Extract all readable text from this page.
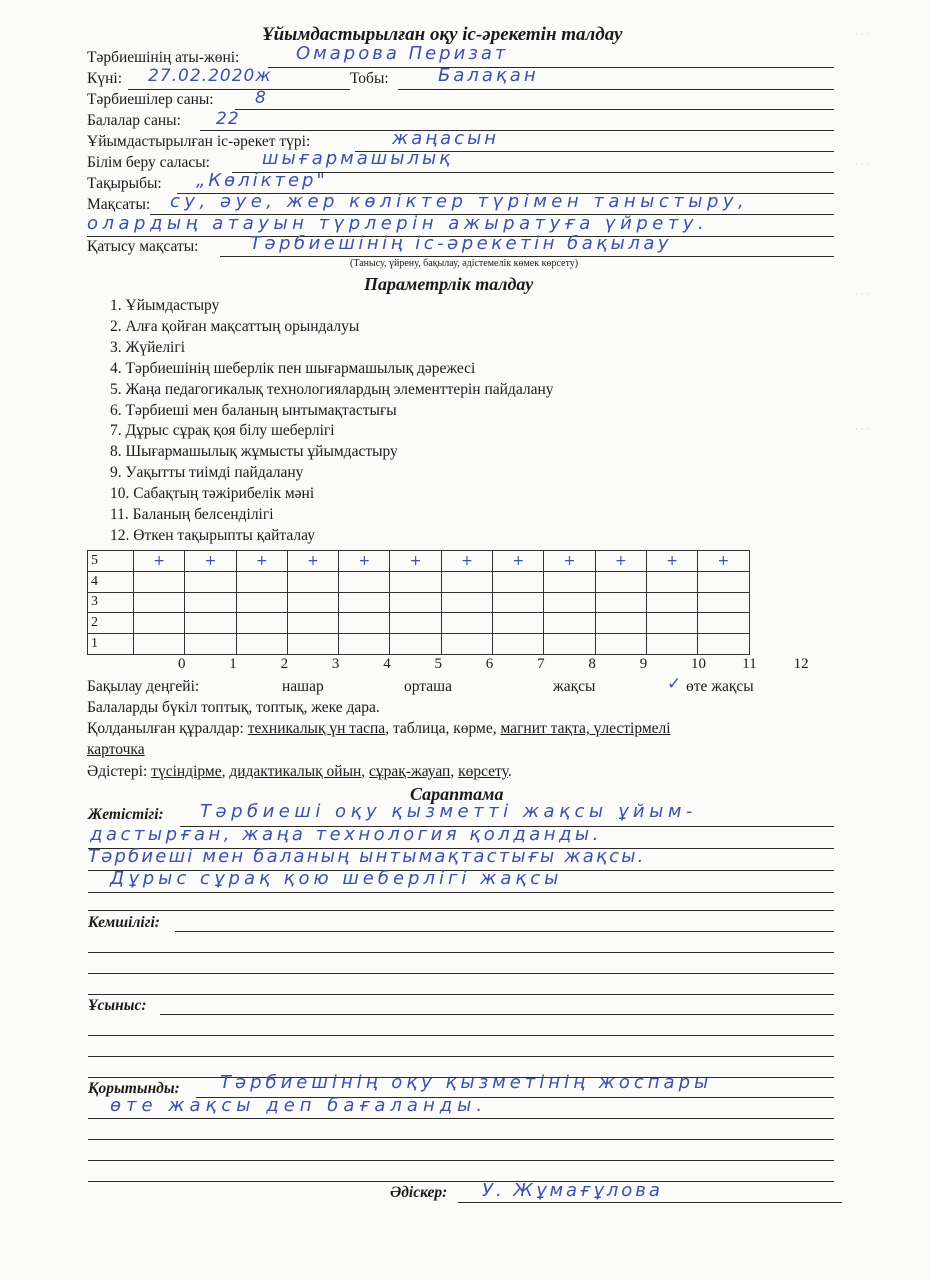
Ұйымдастырылған оқу іс-әрекетін талдау
Тәрбиешінің аты-жөні:	Омарова Перизат
Күні: 27.02.2020ж	Тобы:	Балақан
Тәрбиешілер саны: 8
Балалар саны: 22
Ұйымдастырылған іс-әрекет түрі:	жаңасын
Білім беру саласы:	шығармашылық
Тақырыбы: „Көліктер"
Мақсаты: су, әуе, жер көліктер түрімен таныстыру,
олардың атауын түрлерін ажыратуға үйрету.
Қатысу мақсаты:	Тәрбиешінің іс-әрекетін бақылау
(Танысу, үйрену, бақылау, әдістемелік көмек көрсету)
Параметрлік талдау
1. Ұйымдастыру
2. Алға қойған мақсаттың орындалуы
3. Жүйелігі
4. Тәрбиешінің шеберлік пен шығармашылық дәрежесі
5. Жаңа педагогикалық технологиялардың элементтерін пайдалану
6. Тәрбиеші мен баланың ынтымақтастығы
7. Дұрыс сұрақ қоя білу шеберлігі
8. Шығармашылық жұмысты ұйымдастыру
9. Уақытты тиімді пайдалану
10. Сабақтың тәжірибелік мәні
11. Баланың белсенділігі
12. Өткен тақырыпты қайталау
5	+	+	+	+	+	+	+	+	+	+	+	+
4												
3												
2												
1												
0	1	2	3	4	5	6	7	8	9	10 11 12
Бақылау деңгейі:	нашар	орташа	жақсы	✓ өте жақсы
Балаларды бүкіл топтық, топтық, жеке дара.
Қолданылған құралдар: техникалық үн таспа, таблица, көрме, магнит тақта, үлестірмелі
карточка
Әдістері: түсіндірме, дидактикалық ойын, сұрақ-жауап, көрсету.
Сараптама
Жетістігі: Тәрбиеші оқу қызметті жақсы ұйым-
дастырған, жаңа технология қолданды.
Тәрбиеші мен баланың ынтымақтастығы жақсы.
Дұрыс сұрақ қою шеберлігі жақсы
Кемшілігі:
Ұсыныс:
Қорытынды: Тәрбиешінің оқу қызметінің жоспары
өте жақсы деп бағаланды.
Әдіскер: У. Жұмағұлова
· · ·
· · ·
· · ·
· · ·
